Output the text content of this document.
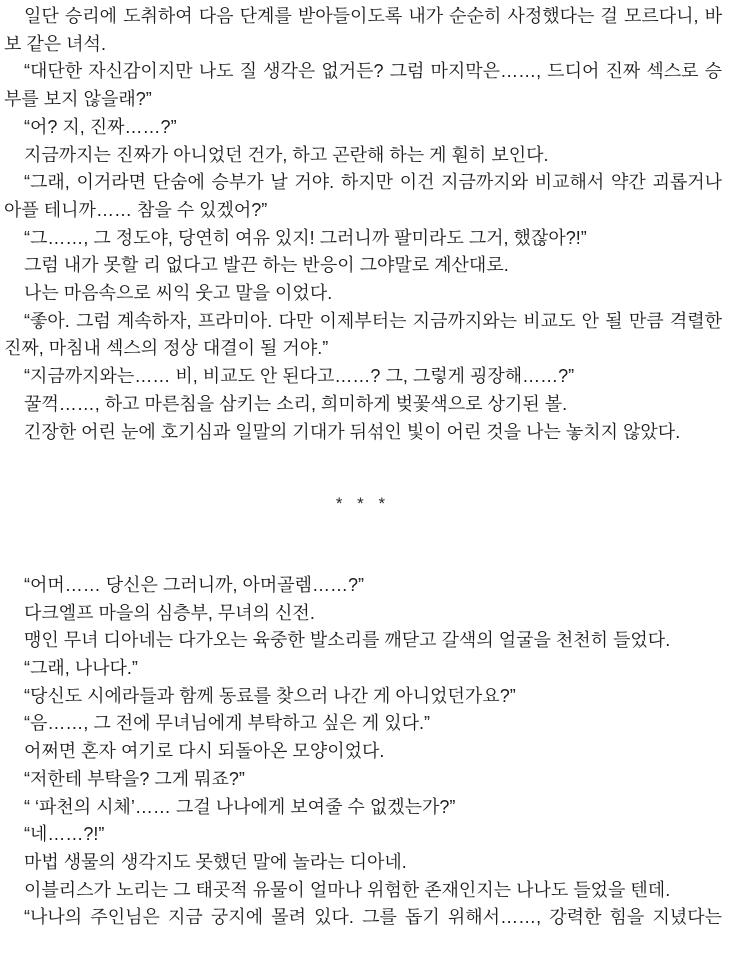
일단 승리에 도취하여 다음 단계를 받아들이도록 내가 순순히 사정했다는 걸 모르다니, 바
보 같은 녀석.

“대단한 자신감이지만 나도 질 생각은 없거든? 그럼 마지막은……, 드디어 진짜 섹스로 승
부를 보지 않을래?”

“어? 지, 진짜……?”

지금까지는 진짜가 아니었던 건가, 하고 곤란해 하는 게 훤히 보인다.

“그래, 이거라면 단숨에 승부가 날 거야. 하지만 이건 지금까지와 비교해서 약간 괴롭거나
아플 테니까…… 참을 수 있겠어?”

“그……, 그 정도야, 당연히 여유 있지! 그러니까 팔미라도 그거, 했잖아?!”

그럼 내가 못할 리 없다고 발끈 하는 반응이 그야말로 계산대로.

나는 마음속으로 씨익 웃고 말을 이었다.

“좋아. 그럼 계속하자, 프라미아. 다만 이제부터는 지금까지와는 비교도 안 될 만큼 격렬한
진짜, 마침내 섹스의 정상 대결이 될 거야.”

“지금까지와는…… 비, 비교도 안 된다고……? 그, 그렇게 굉장해……?”

꿀꺽……, 하고 마른침을 삼키는 소리, 희미하게 벚꽃색으로 상기된 볼.

긴장한 어린 눈에 호기심과 일말의 기대가 뒤섞인 빛이 어린 것을 나는 놓치지 않았다.

* * *

“어머…… 당신은 그러니까, 아머골렘……?”

다크엘프 마을의 심층부, 무녀의 신전.

맹인 무녀 디아네는 다가오는 육중한 발소리를 깨닫고 갈색의 얼굴을 천천히 들었다.

“그래, 나나다.”

“당신도 시에라들과 함께 동료를 찾으러 나간 게 아니었던가요?”

“음……, 그 전에 무녀님에게 부탁하고 싶은 게 있다.”

어쩌면 혼자 여기로 다시 되돌아온 모양이었다.

“저한테 부탁을? 그게 뭐죠?”

“ ‘파천의 시체’…… 그걸 나나에게 보여줄 수 없겠는가?”

“네……?!”

마법 생물의 생각지도 못했던 말에 놀라는 디아네.

이블리스가 노리는 그 태곳적 유물이 얼마나 위험한 존재인지는 나나도 들었을 텐데.

“나나의 주인님은 지금 궁지에 몰려 있다. 그를 돕기 위해서……, 강력한 힘을 지녔다는
